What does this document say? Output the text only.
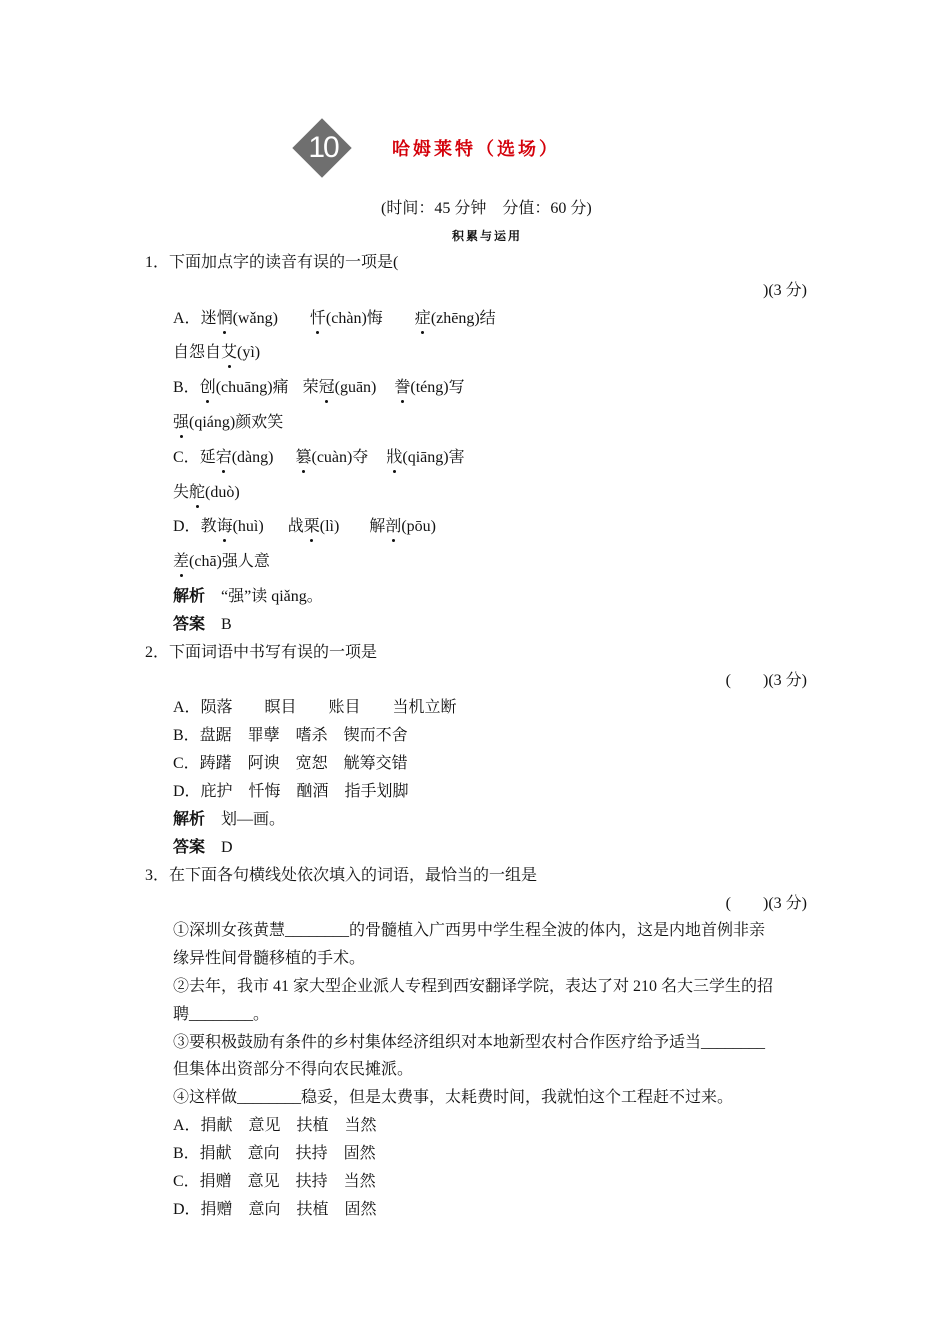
10	哈姆莱特（选场）
(时间：45 分钟　分值：60 分)
积累与运用
1．下面加点字的读音有误的一项是(
)(3 分)
A．迷惘(wǎng) 忏(chàn)悔 症(zhēng)结
自怨自艾(yì)
B．创(chuāng)痛 荣冠(guān) 誊(téng)写
强(qiáng)颜欢笑
C．延宕(dàng) 篡(cuàn)夺 戕(qiāng)害
失舵(duò)
D．教诲(huì) 战栗(lì) 解剖(pōu)
差(chā)强人意
解析 “强”读 qiǎng。
答案 B
2．下面词语中书写有误的一项是
(　　)(3 分)
A．陨落　　瞑目　　账目　　当机立断
B．盘踞　罪孽　嗜杀　锲而不舍
C．踌躇　阿谀　宽恕　觥筹交错
D．庇护　忏悔　酗酒　指手划脚
解析 划—画。
答案 D
3．在下面各句横线处依次填入的词语，最恰当的一组是
(　　)(3 分)
①深圳女孩黄慧________的骨髓植入广西男中学生程全波的体内，这是内地首例非亲
缘异性间骨髓移植的手术。
②去年，我市 41 家大型企业派人专程到西安翻译学院，表达了对 210 名大三学生的招
聘________。
③要积极鼓励有条件的乡村集体经济组织对本地新型农村合作医疗给予适当________
但集体出资部分不得向农民摊派。
④这样做________稳妥，但是太费事，太耗费时间，我就怕这个工程赶不过来。
A．捐献　意见　扶植　当然
B．捐献　意向　扶持　固然
C．捐赠　意见　扶持　当然
D．捐赠　意向　扶植　固然
